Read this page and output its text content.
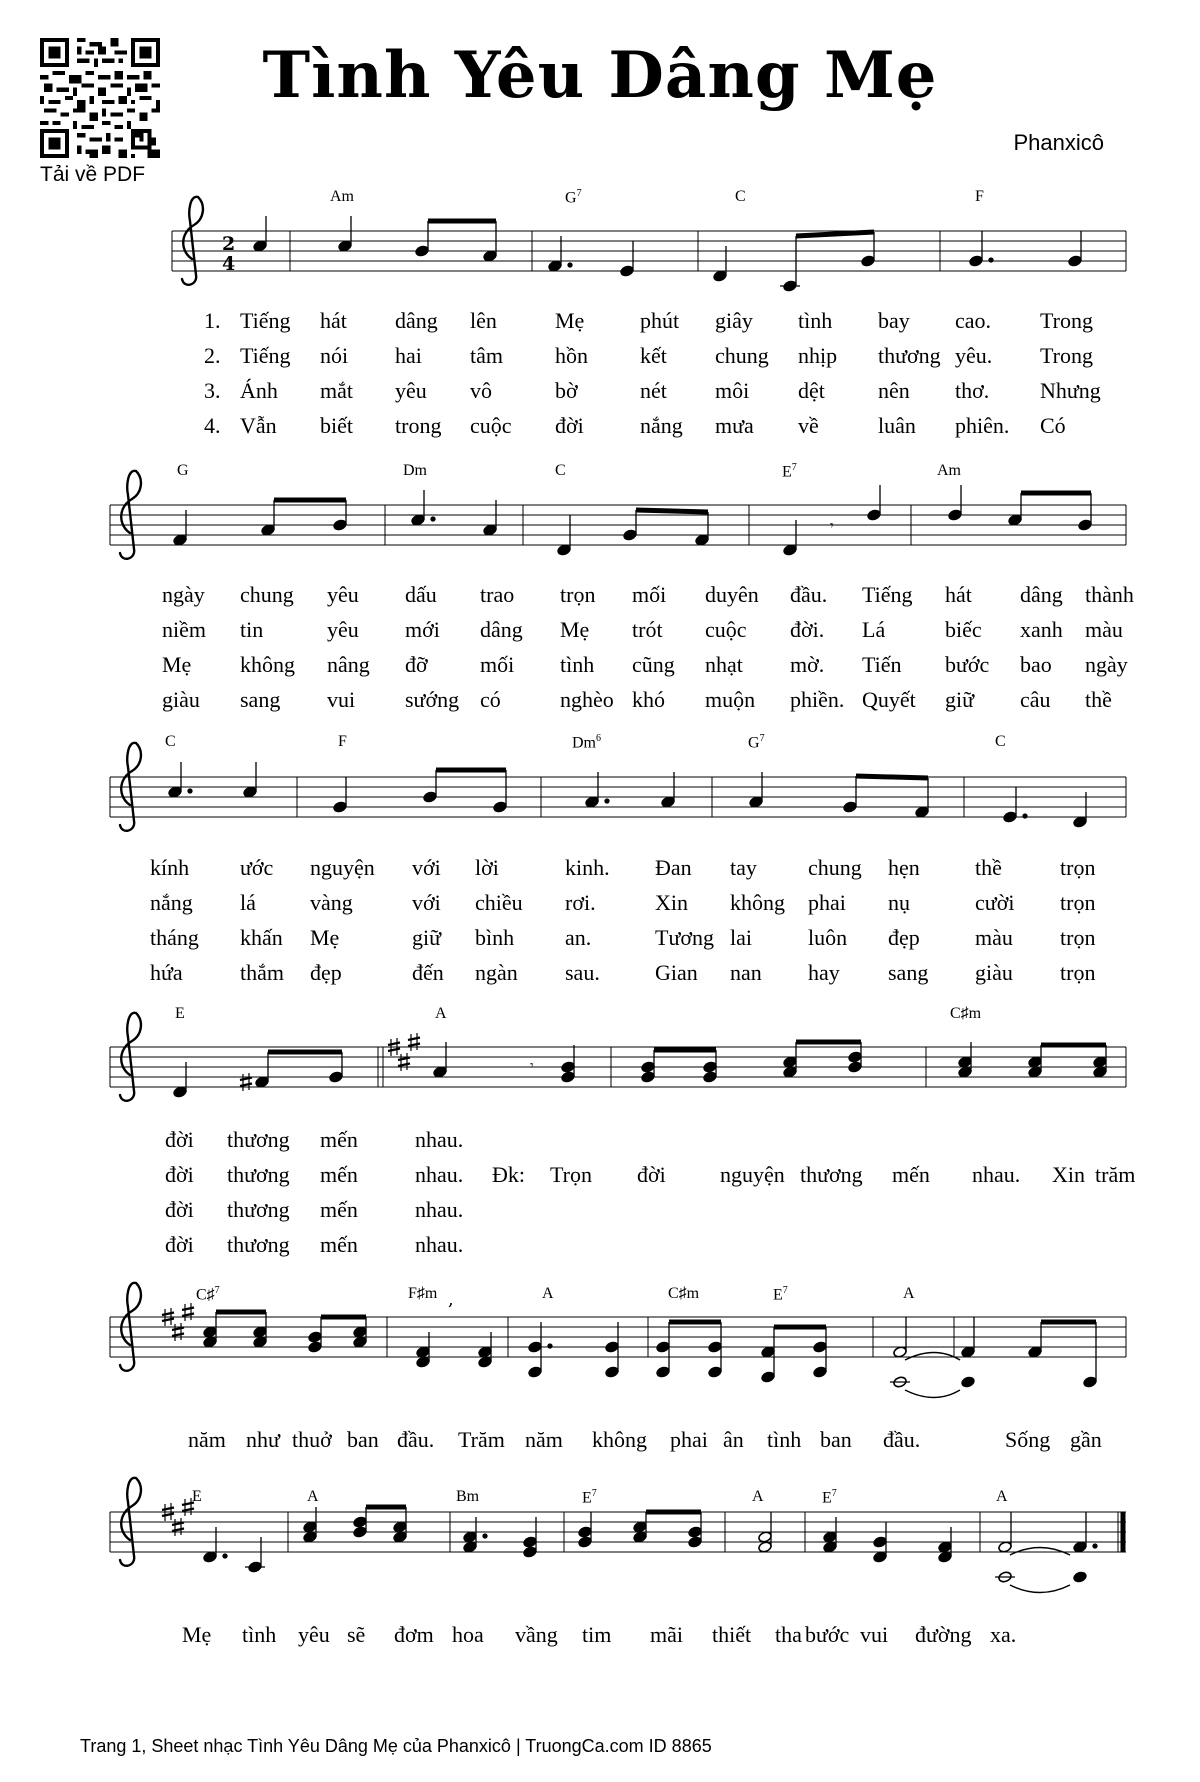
Tải về PDF
Tình Yêu Dâng Mẹ
Phanxicô
2
4
𝄾
𝄾
,
Am	$G^7$	C	F
G	Dm	C	$E^7$	Am
C	F	Dm$^6$	$G^7$	C
E	A	C♯m
C♯$^7$	F♯m	A	C♯m	$E^7$	A
E	A	Bm	$E^7$	A	$E^7$	A
1. Tiếng hát dâng lên	Mẹ	phút giây tình bay cao. Trong
2. Tiếng nói hai tâm hồn kết chung nhịp thương yêu. Trong
3. Ánh mắt yêu vô	bờ	nét môi dệt nên thơ. Nhưng
4. Vẫn biết trong cuộc đời	nắng mưa về	luân phiên. Có
ngày chung yêu dấu trao trọn mối duyên đầu. Tiếng hát dâng thành
niềm tin	yêu mới dâng Mẹ trót cuộc đời. Lá	biếc xanh màu
Mẹ không nâng đỡ mối tình cũng nhạt mờ. Tiến bước bao ngày
giàu sang vui sướng có	nghèo khó muộn phiền. Quyết giữ câu thề
kính ước nguyện với lời	kinh. Đan tay chung hẹn	thề	trọn
nắng lá vàng	với chiều rơi.	Xin không phai nụ	cười trọn
tháng khấn Mẹ	giữ bình an.	Tương lai	luôn đẹp	màu trọn
hứa	thắm đẹp	đến ngàn sau.	Gian nan hay sang giàu trọn
đời thương mến	nhau.
đời thương mến	nhau. Đk: Trọn đời nguyện thương mến nhau. Xin trăm
đời thương mến	nhau.
đời thương mến	nhau.
năm như thuở ban đầu. Trăm năm không phai ân tình ban đầu.	Sống gần
Mẹ tình yêu sẽ đơm hoa vầng tim mãi thiết tha bước vui đường xa.
Trang 1, Sheet nhạc Tình Yêu Dâng Mẹ của Phanxicô | TruongCa.com ID 8865
